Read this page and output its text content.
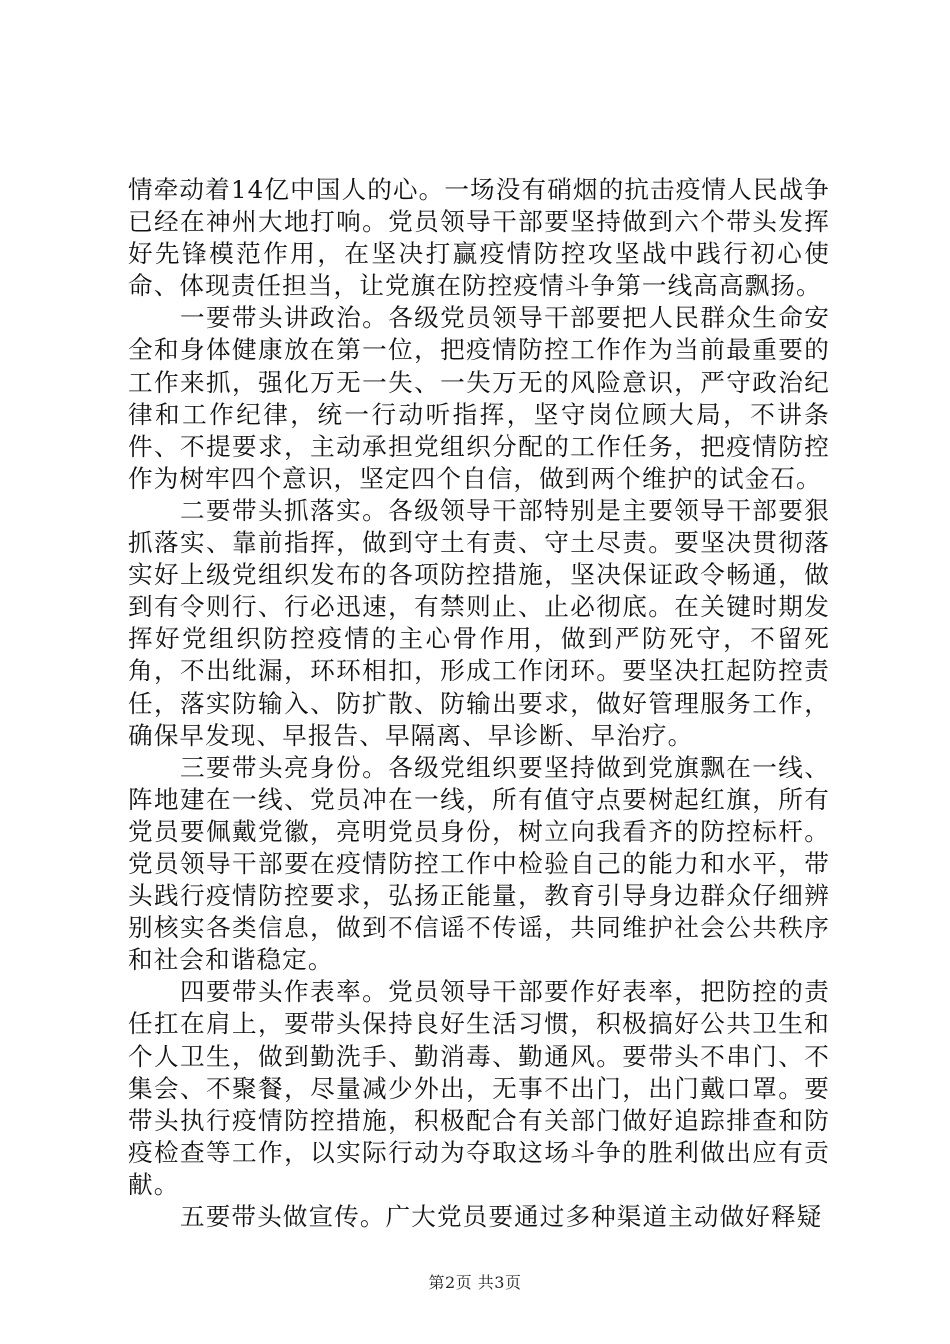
情牵动着14亿中国人的心。一场没有硝烟的抗击疫情人民战争已经在神州大地打响。党员领导干部要坚持做到六个带头发挥好先锋模范作用，在坚决打赢疫情防控攻坚战中践行初心使命、体现责任担当，让党旗在防控疫情斗争第一线高高飘扬。

一要带头讲政治。各级党员领导干部要把人民群众生命安全和身体健康放在第一位，把疫情防控工作作为当前最重要的工作来抓，强化万无一失、一失万无的风险意识，严守政治纪律和工作纪律，统一行动听指挥，坚守岗位顾大局，不讲条件、不提要求，主动承担党组织分配的工作任务，把疫情防控作为树牢四个意识，坚定四个自信，做到两个维护的试金石。

二要带头抓落实。各级领导干部特别是主要领导干部要狠抓落实、靠前指挥，做到守土有责、守土尽责。要坚决贯彻落实好上级党组织发布的各项防控措施，坚决保证政令畅通，做到有令则行、行必迅速，有禁则止、止必彻底。在关键时期发挥好党组织防控疫情的主心骨作用，做到严防死守，不留死角，不出纰漏，环环相扣，形成工作闭环。要坚决扛起防控责任，落实防输入、防扩散、防输出要求，做好管理服务工作，确保早发现、早报告、早隔离、早诊断、早治疗。

三要带头亮身份。各级党组织要坚持做到党旗飘在一线、阵地建在一线、党员冲在一线，所有值守点要树起红旗，所有党员要佩戴党徽，亮明党员身份，树立向我看齐的防控标杆。党员领导干部要在疫情防控工作中检验自己的能力和水平，带头践行疫情防控要求，弘扬正能量，教育引导身边群众仔细辨别核实各类信息，做到不信谣不传谣，共同维护社会公共秩序和社会和谐稳定。

四要带头作表率。党员领导干部要作好表率，把防控的责任扛在肩上，要带头保持良好生活习惯，积极搞好公共卫生和个人卫生，做到勤洗手、勤消毒、勤通风。要带头不串门、不集会、不聚餐，尽量减少外出，无事不出门，出门戴口罩。要带头执行疫情防控措施，积极配合有关部门做好追踪排查和防疫检查等工作，以实际行动为夺取这场斗争的胜利做出应有贡献。

五要带头做宣传。广大党员要通过多种渠道主动做好释疑

第2页 共3页
